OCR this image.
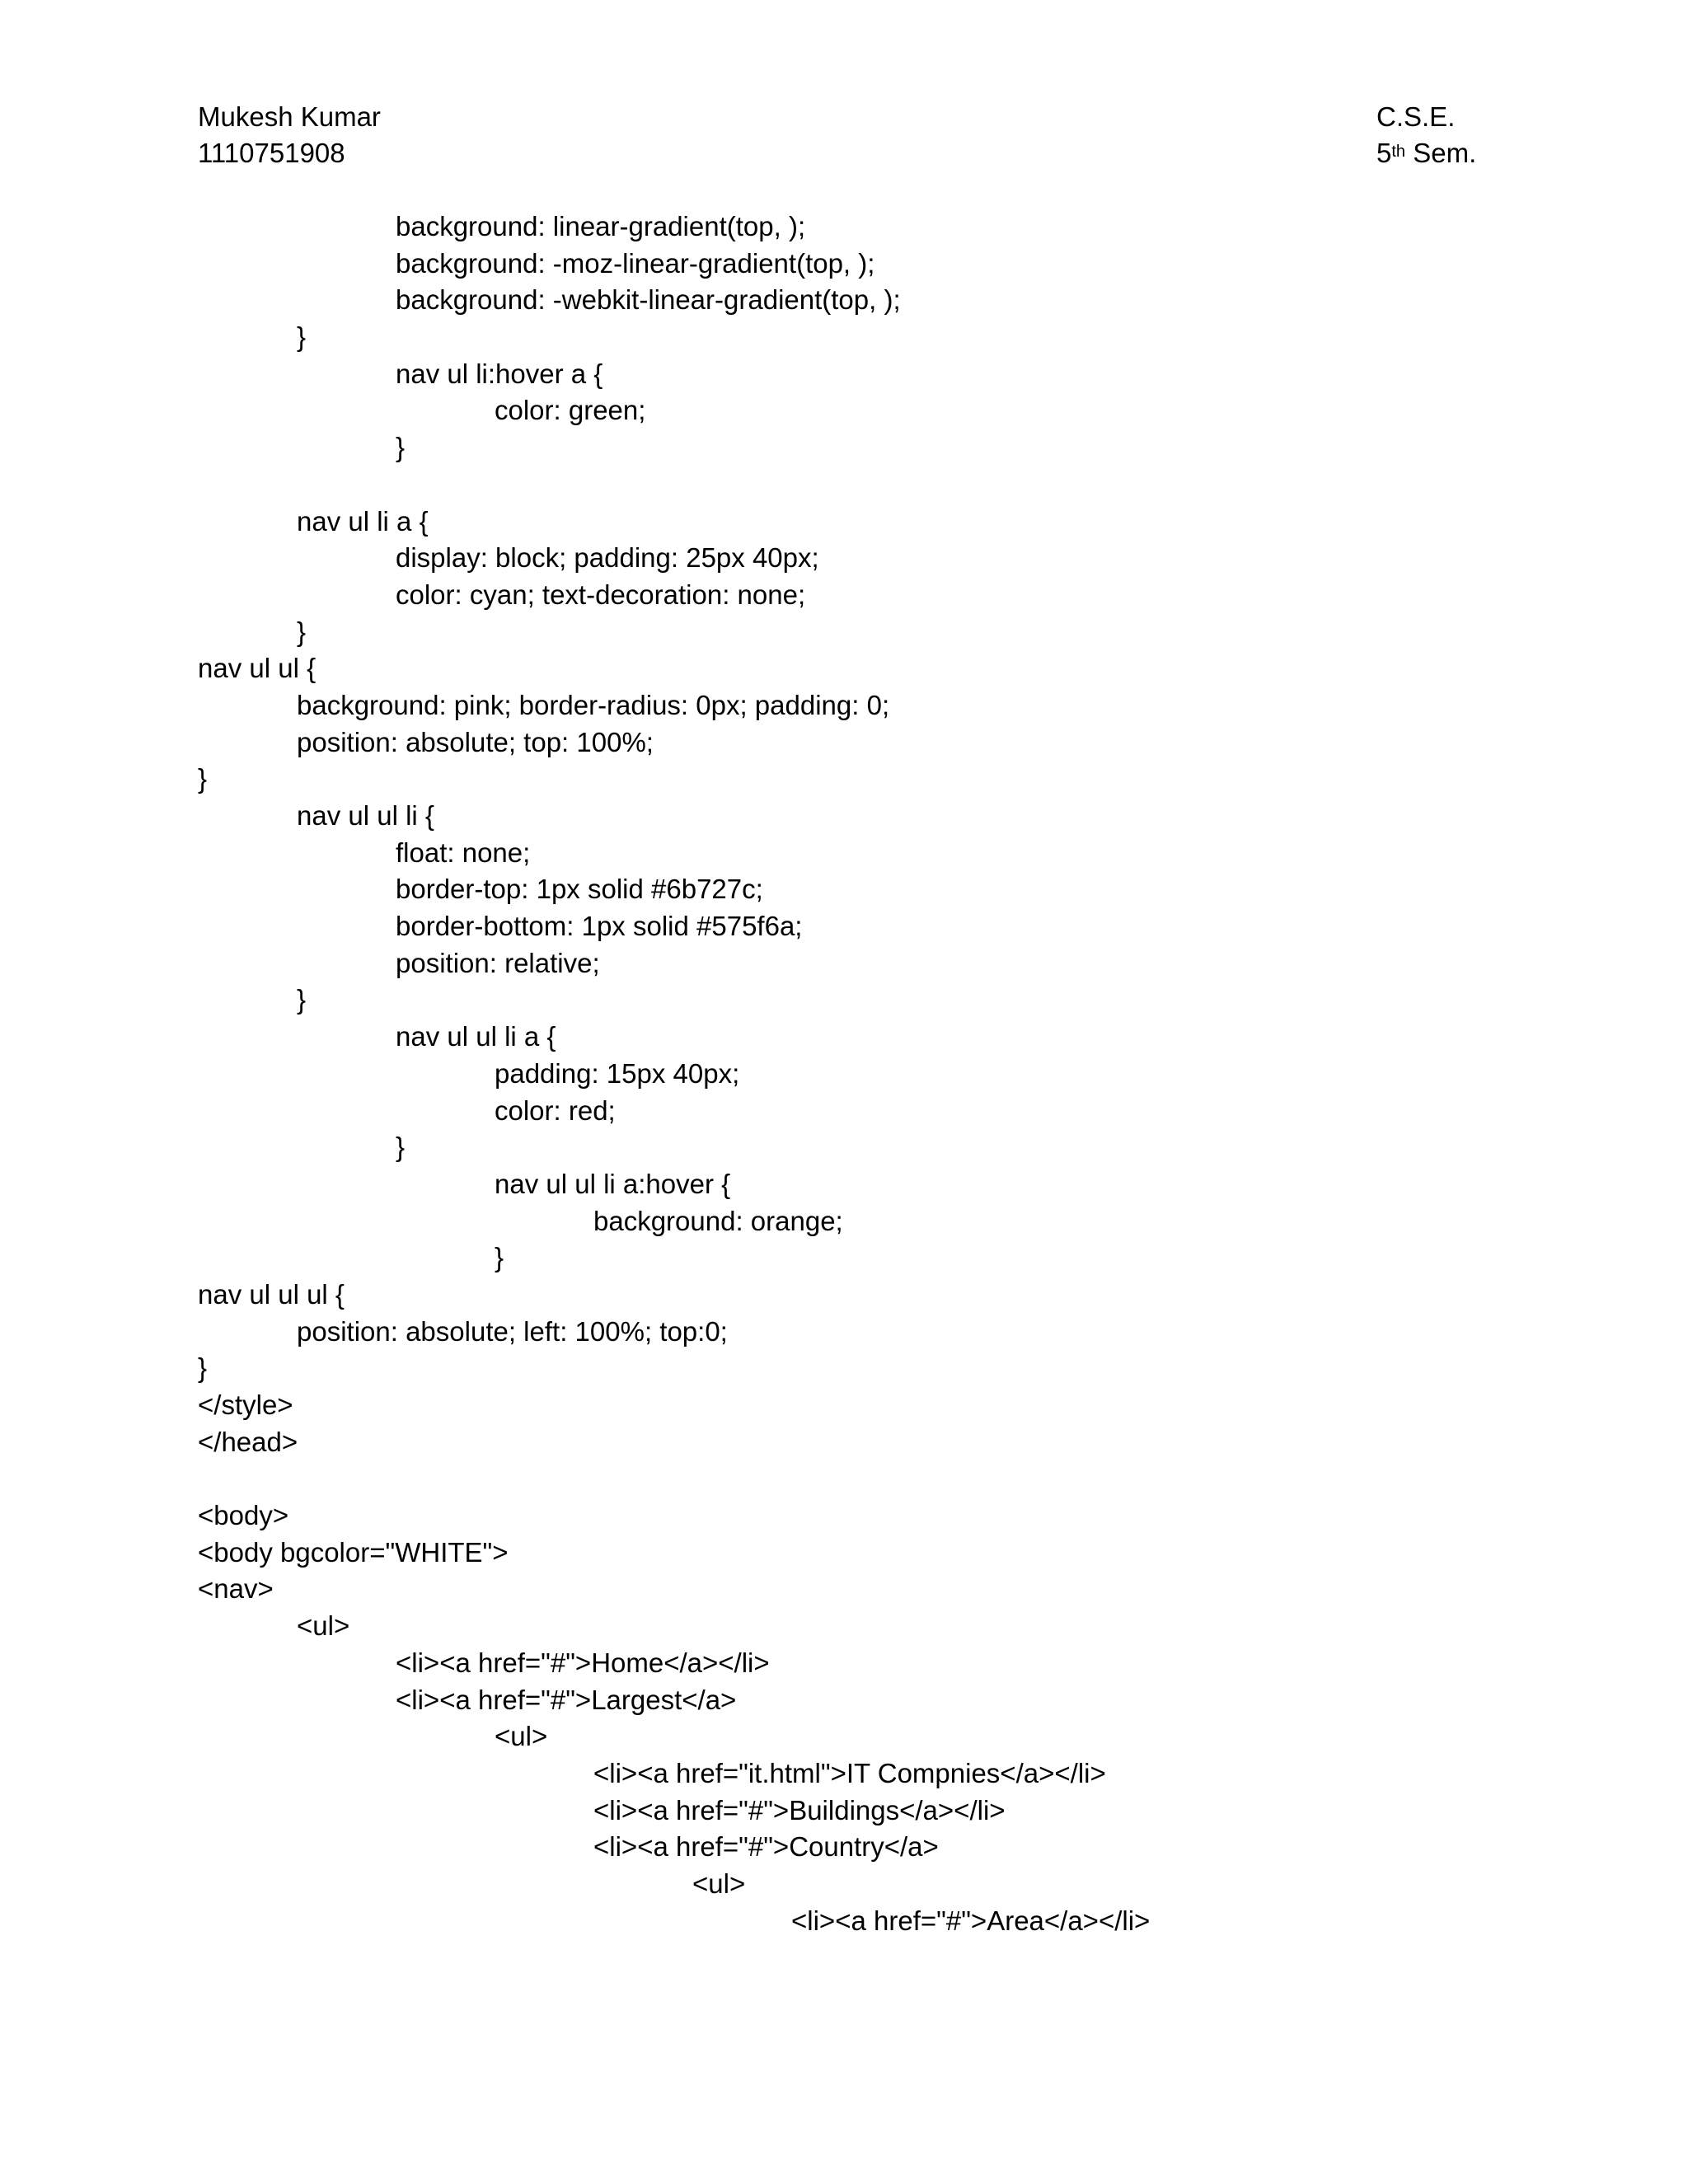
Mukesh Kumar
1110751908
C.S.E.
5th Sem.
background: linear-gradient(top, );
background: -moz-linear-gradient(top, );
background: -webkit-linear-gradient(top, );
}
nav ul li:hover a {
color: green;
}
nav ul li a {
display: block; padding: 25px 40px;
color: cyan; text-decoration: none;
}
nav ul ul {
background: pink; border-radius: 0px; padding: 0;
position: absolute; top: 100%;
}
nav ul ul li {
float: none;
border-top: 1px solid #6b727c;
border-bottom: 1px solid #575f6a;
position: relative;
}
nav ul ul li a {
padding: 15px 40px;
color: red;
}
nav ul ul li a:hover {
background: orange;
}
nav ul ul ul {
position: absolute; left: 100%; top:0;
}
</style>
</head>
<body>
<body bgcolor="WHITE">
<nav>
<ul>
<li><a href="#">Home</a></li>
<li><a href="#">Largest</a>
<ul>
<li><a href="it.html">IT Compnies</a></li>
<li><a href="#">Buildings</a></li>
<li><a href="#">Country</a>
<ul>
<li><a href="#">Area</a></li>
